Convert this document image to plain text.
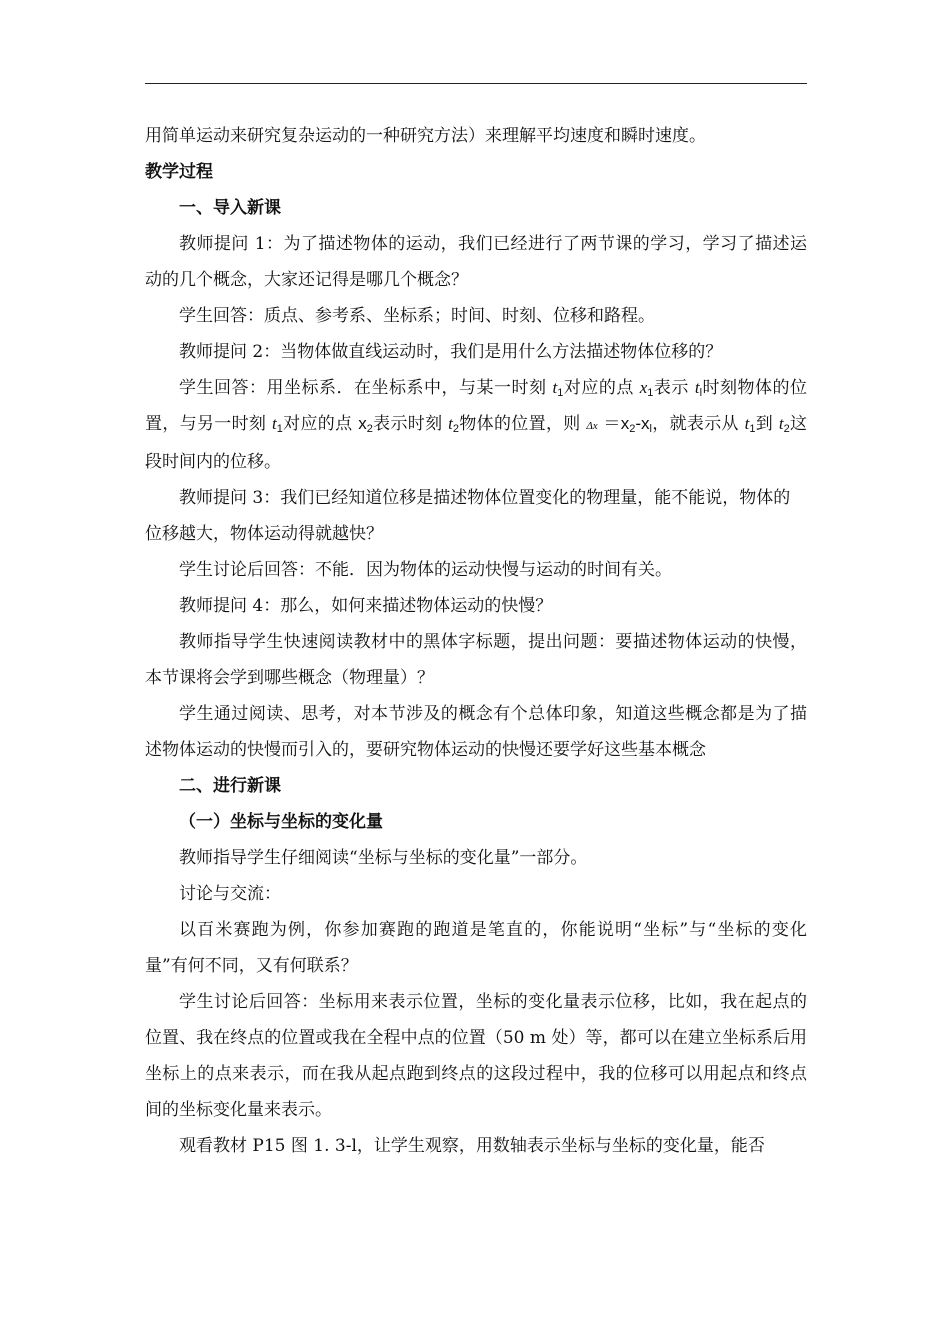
用简单运动来研究复杂运动的一种研究方法）来理解平均速度和瞬时速度。

教学过程

一、导入新课

教师提问 1：为了描述物体的运动，我们已经进行了两节课的学习，学习了描述运动的几个概念，大家还记得是哪几个概念？

学生回答：质点、参考系、坐标系；时间、时刻、位移和路程。

教师提问 2：当物体做直线运动时，我们是用什么方法描述物体位移的？

学生回答：用坐标系．在坐标系中，与某一时刻 $t_1$对应的点 $x_1$表示 $t_l$时刻物体的位置，与另一时刻 $t_1$对应的点 $x_2$表示时刻 $t_2$物体的位置，则 $\Delta x =x_2-x_l$，就表示从 $t_1$到 $t_2$这段时间内的位移。

教师提问 3：我们已经知道位移是描述物体位置变化的物理量，能不能说，物体的

位移越大，物体运动得就越快？

学生讨论后回答：不能．因为物体的运动快慢与运动的时间有关。

教师提问 4：那么，如何来描述物体运动的快慢？

教师指导学生快速阅读教材中的黑体字标题，提出问题：要描述物体运动的快慢，本节课将会学到哪些概念（物理量）？

学生通过阅读、思考，对本节涉及的概念有个总体印象，知道这些概念都是为了描述物体运动的快慢而引入的，要研究物体运动的快慢还要学好这些基本概念

二、进行新课

（一）坐标与坐标的变化量

教师指导学生仔细阅读“坐标与坐标的变化量”一部分。

讨论与交流：

以百米赛跑为例，你参加赛跑的跑道是笔直的，你能说明“坐标”与“坐标的变化量”有何不同，又有何联系？

学生讨论后回答：坐标用来表示位置，坐标的变化量表示位移，比如，我在起点的位置、我在终点的位置或我在全程中点的位置（50 m 处）等，都可以在建立坐标系后用坐标上的点来表示，而在我从起点跑到终点的这段过程中，我的位移可以用起点和终点间的坐标变化量来表示。

观看教材 P15 图 1. 3-l，让学生观察，用数轴表示坐标与坐标的变化量，能否
